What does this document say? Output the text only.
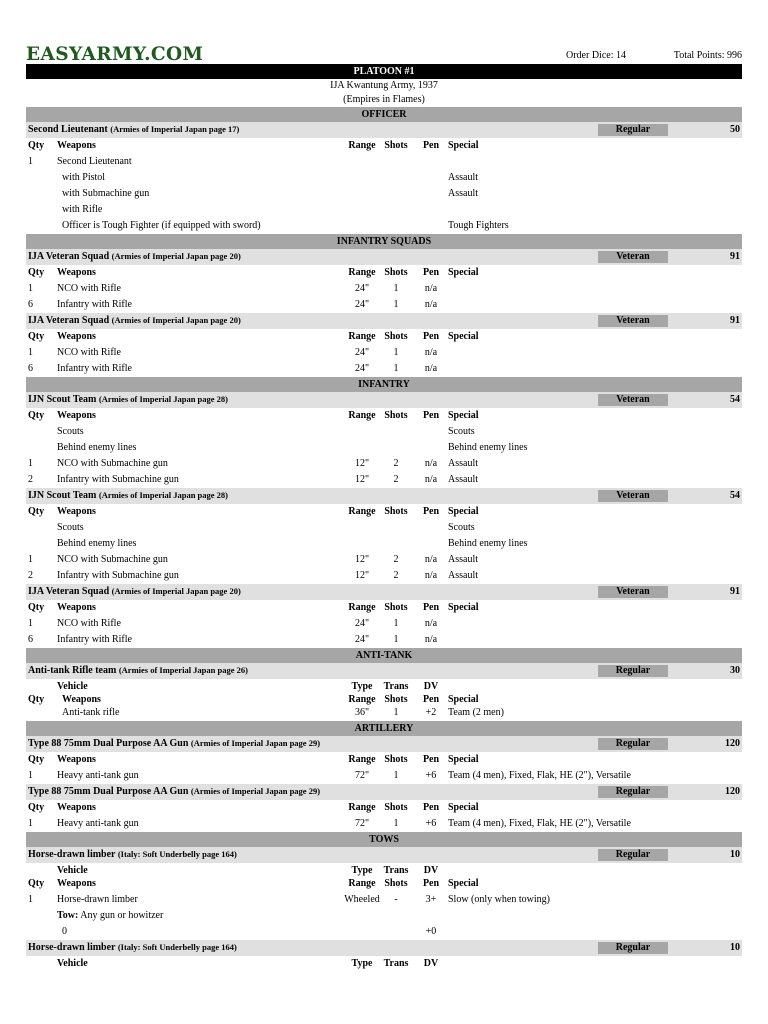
EASYARMY.COM	Order Dice: 14	Total Points: 996
PLATOON #1
IJA Kwantung Army, 1937
(Empires in Flames)
OFFICER
Second Lieutenant (Armies of Imperial Japan page 17)	Regular	50
Qty Weapons	Range Shots	Pen Special
1 Second Lieutenant
with Pistol	Assault
with Submachine gun	Assault
with Rifle
Officer is Tough Fighter (if equipped with sword)	Tough Fighters
INFANTRY SQUADS
IJA Veteran Squad (Armies of Imperial Japan page 20)	Veteran	91
Qty Weapons	Range Shots	Pen Special
1 NCO with Rifle	24"	1	n/a
6 Infantry with Rifle	24"	1	n/a
IJA Veteran Squad (Armies of Imperial Japan page 20)	Veteran	91
Qty Weapons	Range Shots	Pen Special
1 NCO with Rifle	24"	1	n/a
6 Infantry with Rifle	24"	1	n/a
INFANTRY
IJN Scout Team (Armies of Imperial Japan page 28)	Veteran	54
Qty Weapons	Range Shots	Pen Special
Scouts	Scouts
Behind enemy lines	Behind enemy lines
1 NCO with Submachine gun	12"	2	n/a	Assault
2 Infantry with Submachine gun	12"	2	n/a	Assault
IJN Scout Team (Armies of Imperial Japan page 28)	Veteran	54
Qty Weapons	Range Shots	Pen Special
Scouts	Scouts
Behind enemy lines	Behind enemy lines
1 NCO with Submachine gun	12"	2	n/a	Assault
2 Infantry with Submachine gun	12"	2	n/a	Assault
IJA Veteran Squad (Armies of Imperial Japan page 20)	Veteran	91
Qty Weapons	Range Shots	Pen Special
1 NCO with Rifle	24"	1	n/a
6 Infantry with Rifle	24"	1	n/a
ANTI-TANK
Anti-tank Rifle team (Armies of Imperial Japan page 26)	Regular	30
Vehicle	Type	Trans	DV
Qty Weapons	Range Shots	Pen Special
Anti-tank rifle	36"	1	+2	Team (2 men)
ARTILLERY
Type 88 75mm Dual Purpose AA Gun (Armies of Imperial Japan page 29)	Regular	120
Qty Weapons	Range Shots	Pen Special
1 Heavy anti-tank gun	72"	1	+6	Team (4 men), Fixed, Flak, HE (2"), Versatile
Type 88 75mm Dual Purpose AA Gun (Armies of Imperial Japan page 29)	Regular	120
Qty Weapons	Range Shots	Pen Special
1 Heavy anti-tank gun	72"	1	+6	Team (4 men), Fixed, Flak, HE (2"), Versatile
TOWS
Horse-drawn limber (Italy: Soft Underbelly page 164)	Regular	10
Vehicle	Type	Trans	DV
Qty Weapons	Range Shots	Pen Special
1 Horse-drawn limber	Wheeled	-	3+	Slow (only when towing)
Tow: Any gun or howitzer
0	+0
Horse-drawn limber (Italy: Soft Underbelly page 164)	Regular	10
Vehicle	Type	Trans	DV
